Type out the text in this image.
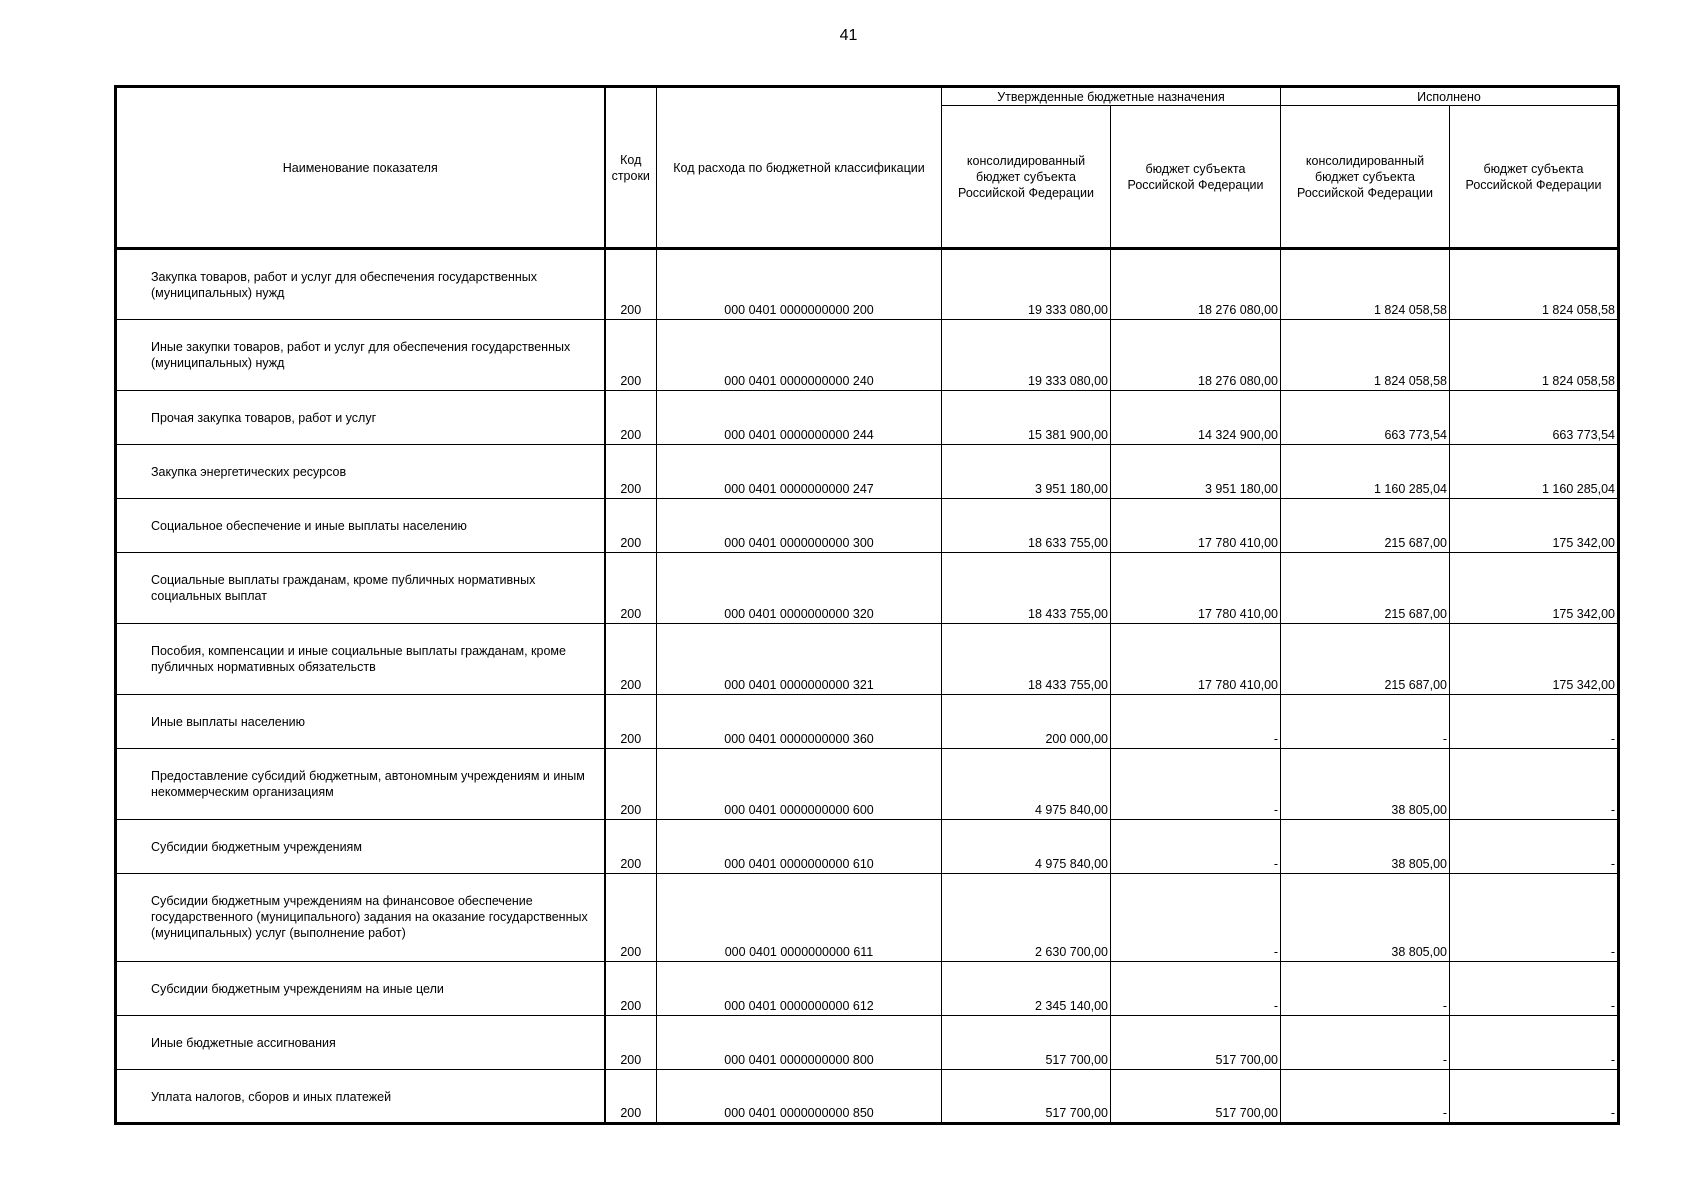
41
Наименование показателя	Код строки	Код расхода по бюджетной классификации	Утвержденные бюджетные назначения		Исполнено	
			консолидированный бюджет субъекта Российской Федерации	бюджет субъекта Российской Федерации	консолидированный бюджет субъекта Российской Федерации	бюджет субъекта Российской Федерации
Закупка товаров, работ и услуг для обеспечения государственных (муниципальных) нужд	200	000 0401 0000000000 200	19 333 080,00	18 276 080,00	1 824 058,58	1 824 058,58
Иные закупки товаров, работ и услуг для обеспечения государственных (муниципальных) нужд	200	000 0401 0000000000 240	19 333 080,00	18 276 080,00	1 824 058,58	1 824 058,58
Прочая закупка товаров, работ и услуг	200	000 0401 0000000000 244	15 381 900,00	14 324 900,00	663 773,54	663 773,54
Закупка энергетических ресурсов	200	000 0401 0000000000 247	3 951 180,00	3 951 180,00	1 160 285,04	1 160 285,04
Социальное обеспечение и иные выплаты населению	200	000 0401 0000000000 300	18 633 755,00	17 780 410,00	215 687,00	175 342,00
Социальные выплаты гражданам, кроме публичных нормативных социальных выплат	200	000 0401 0000000000 320	18 433 755,00	17 780 410,00	215 687,00	175 342,00
Пособия, компенсации и иные социальные выплаты гражданам, кроме публичных нормативных обязательств	200	000 0401 0000000000 321	18 433 755,00	17 780 410,00	215 687,00	175 342,00
Иные выплаты населению	200	000 0401 0000000000 360	200 000,00	-	-	-
Предоставление субсидий бюджетным, автономным учреждениям и иным некоммерческим организациям	200	000 0401 0000000000 600	4 975 840,00	-	38 805,00	-
Субсидии бюджетным учреждениям	200	000 0401 0000000000 610	4 975 840,00	-	38 805,00	-
Субсидии бюджетным учреждениям на финансовое обеспечение государственного (муниципального) задания на оказание государственных (муниципальных) услуг (выполнение работ)	200	000 0401 0000000000 611	2 630 700,00	-	38 805,00	-
Субсидии бюджетным учреждениям на иные цели	200	000 0401 0000000000 612	2 345 140,00	-	-	-
Иные бюджетные ассигнования	200	000 0401 0000000000 800	517 700,00	517 700,00	-	-
Уплата налогов, сборов и иных платежей	200	000 0401 0000000000 850	517 700,00	517 700,00	-	-
